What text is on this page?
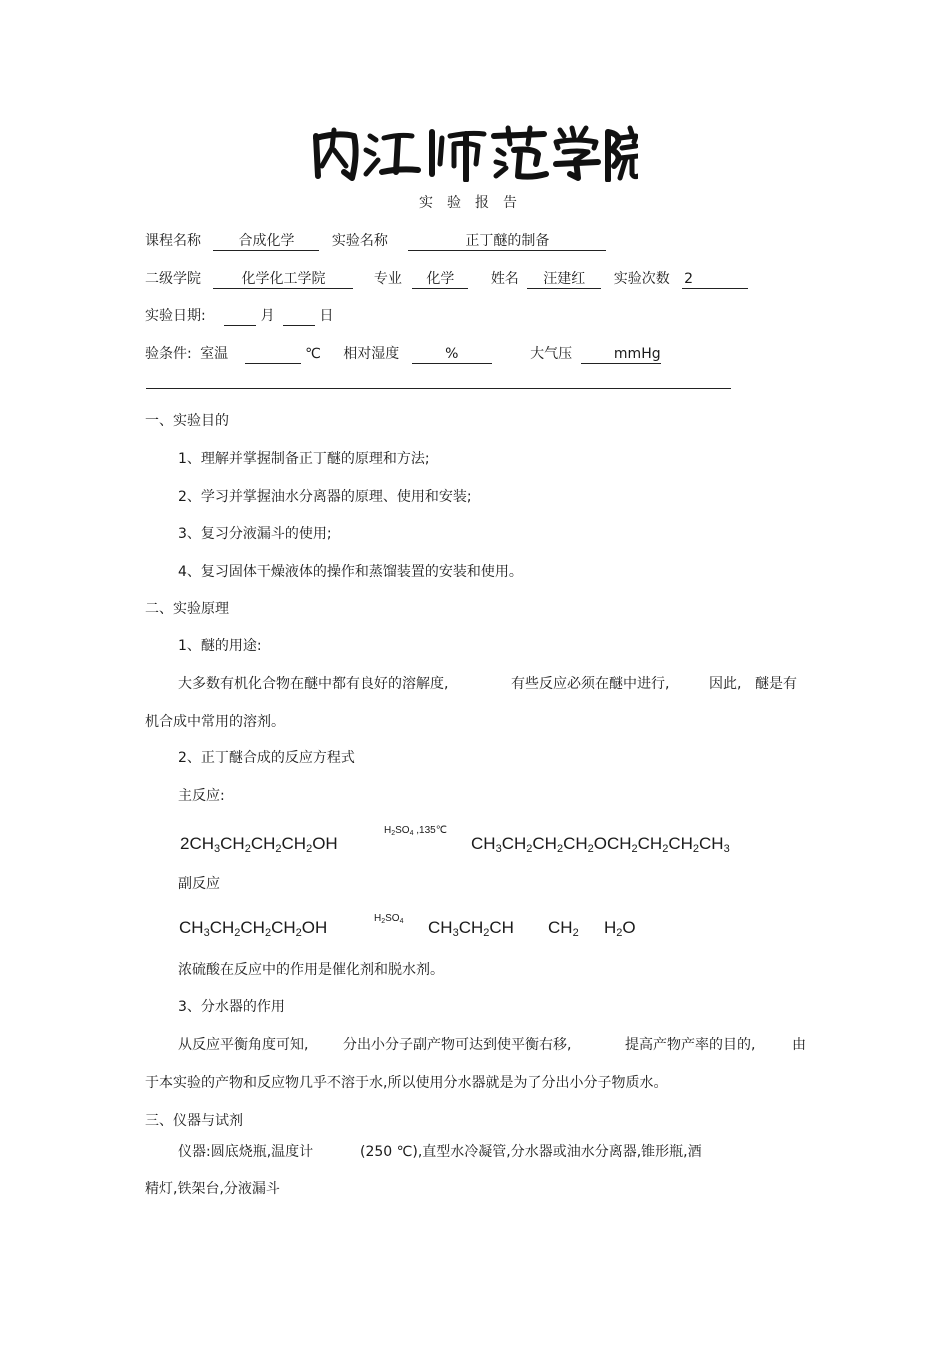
实验报告
课程名称	合成化学	实验名称	正丁醚的制备
二级学院	化学化工学院	专业 化学	姓名 汪建红 实验次数 2
实验日期:	月	日
验条件: 室温	℃ 相对湿度	%	大气压	mmHg
一、实验目的
1、理解并掌握制备正丁醚的原理和方法;
2、学习并掌握油水分离器的原理、使用和安装;
3、复习分液漏斗的使用;
4、复习固体干燥液体的操作和蒸馏装置的安装和使用。
二、实验原理
1、醚的用途:
大多数有机化合物在醚中都有良好的溶解度,	有些反应必须在醚中进行,	因此, 醚是有
机合成中常用的溶剂。
2、正丁醚合成的反应方程式
主反应:
$2CH_3CH_2CH_2CH_2OH$
$H_2SO_4$ ,135℃
$CH_3CH_2CH_2CH_2OCH_2CH_2CH_2CH_3$
副反应
$CH_3CH_2CH_2CH_2OH$	$H_2SO_4$ $CH_3CH_2CH$ $CH_2$ $H_2O$
浓硫酸在反应中的作用是催化剂和脱水剂。
3、分水器的作用
从反应平衡角度可知, 分出小分子副产物可达到使平衡右移,	提高产物产率的目的,	由
于本实验的产物和反应物几乎不溶于水,所以使用分水器就是为了分出小分子物质水。
三、仪器与试剂
仪器:圆底烧瓶,温度计	(250 ℃),直型水冷凝管,分水器或油水分离器,锥形瓶,酒
精灯,铁架台,分液漏斗
